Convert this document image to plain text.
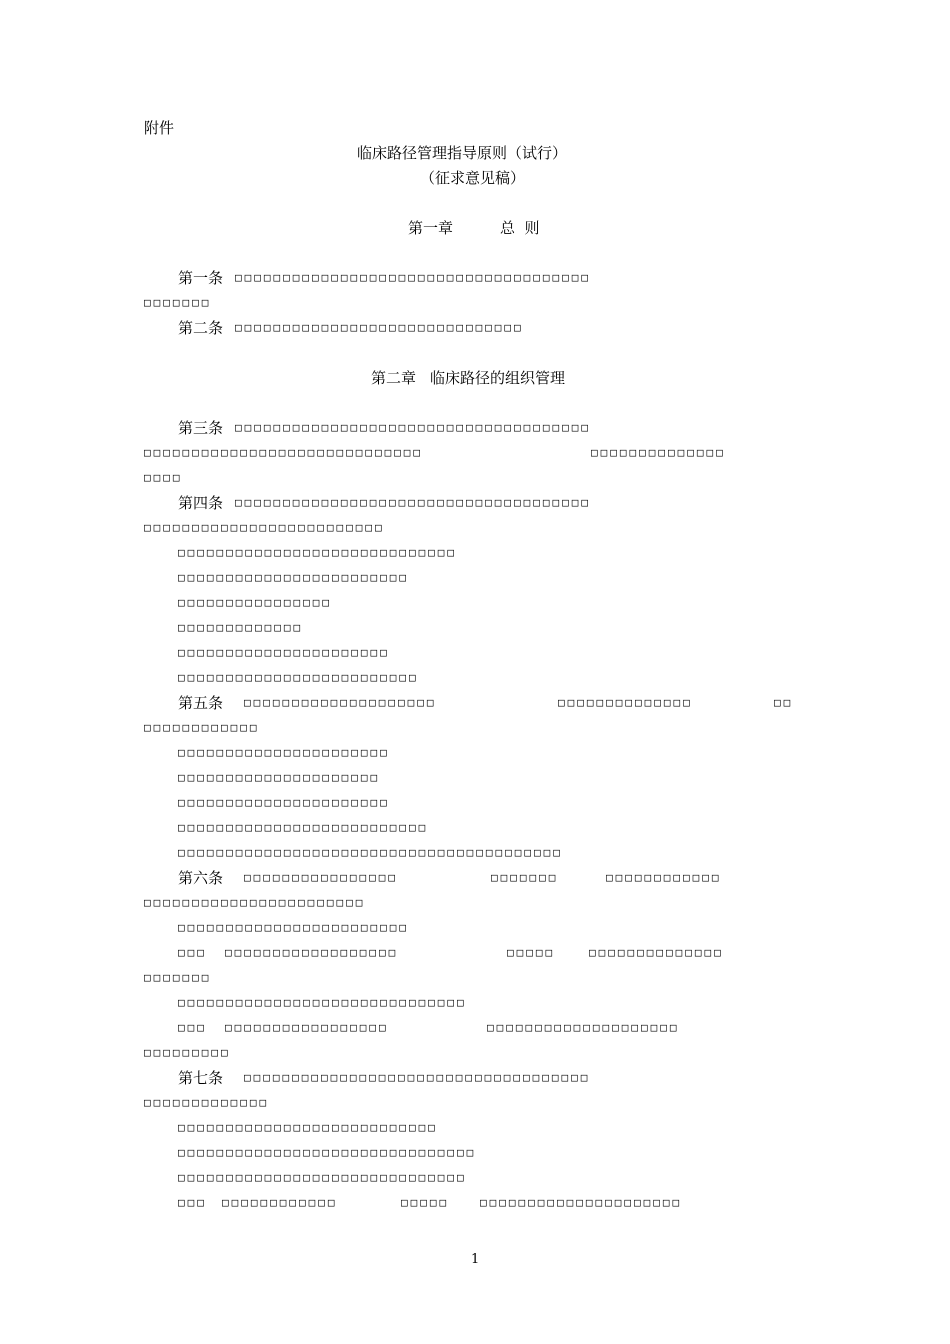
附件
临床路径管理指导原则（试行）
（征求意见稿）
第一章	总  则
第一条 □□□□□□□□□□□□□□□□□□□□□□□□□□□□□□□□□□□□□
□□□□□□□
第二条 □□□□□□□□□□□□□□□□□□□□□□□□□□□□□□
第二章 临床路径的组织管理
第三条 □□□□□□□□□□□□□□□□□□□□□□□□□□□□□□□□□□□□□
□□□□□□□□□□□□□□□□□□□□□□□□□□□□□	□□□□□□□□□□□□□□
□□□□
第四条 □□□□□□□□□□□□□□□□□□□□□□□□□□□□□□□□□□□□□
□□□□□□□□□□□□□□□□□□□□□□□□□
□□□□□□□□□□□□□□□□□□□□□□□□□□□□□
□□□□□□□□□□□□□□□□□□□□□□□□
□□□□□□□□□□□□□□□□
□□□□□□□□□□□□□
□□□□□□□□□□□□□□□□□□□□□□
□□□□□□□□□□□□□□□□□□□□□□□□□
第五条 □□□□□□□□□□□□□□□□□□□□	□□□□□□□□□□□□□□	□□
□□□□□□□□□□□□
□□□□□□□□□□□□□□□□□□□□□□
□□□□□□□□□□□□□□□□□□□□□
□□□□□□□□□□□□□□□□□□□□□□
□□□□□□□□□□□□□□□□□□□□□□□□□□
□□□□□□□□□□□□□□□□□□□□□□□□□□□□□□□□□□□□□□□□
第六条 □□□□□□□□□□□□□□□□	□□□□□□□	□□□□□□□□□□□□
□□□□□□□□□□□□□□□□□□□□□□□
□□□□□□□□□□□□□□□□□□□□□□□□
□□□ □□□□□□□□□□□□□□□□□□	□□□□□	□□□□□□□□□□□□□□
□□□□□□□
□□□□□□□□□□□□□□□□□□□□□□□□□□□□□□
□□□ □□□□□□□□□□□□□□□□□	□□□□□□□□□□□□□□□□□□□□
□□□□□□□□□
第七条 □□□□□□□□□□□□□□□□□□□□□□□□□□□□□□□□□□□□
□□□□□□□□□□□□□
□□□□□□□□□□□□□□□□□□□□□□□□□□□
□□□□□□□□□□□□□□□□□□□□□□□□□□□□□□□
□□□□□□□□□□□□□□□□□□□□□□□□□□□□□□
□□□ □□□□□□□□□□□□	□□□□□	□□□□□□□□□□□□□□□□□□□□□
1
